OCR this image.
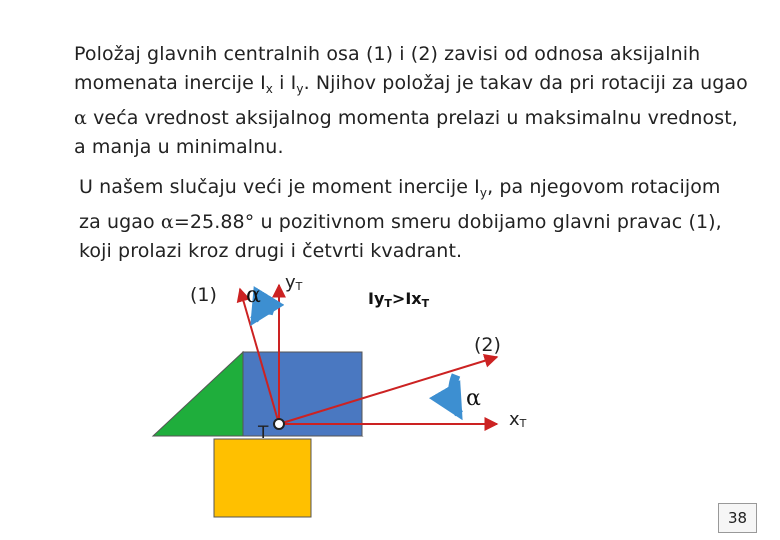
Položaj glavnih centralnih osa (1) i (2) zavisi od odnosa aksijalnih
momenata inercije $I_x$ i $I_y$. Njihov položaj je takav da pri rotaciji za ugao
α veća vrednost aksijalnog momenta prelazi u maksimalnu vrednost,
a manja u minimalnu.

U našem slučaju veći je moment inercije $I_y$, pa njegovom rotacijom
za ugao α=25.88° u pozitivnom smeru dobijamo glavni pravac (1),
koji prolazi kroz drugi i četvrti kvadrant.

(1) α
yT
IyT>IxT
(2)
α
xT
T
38
